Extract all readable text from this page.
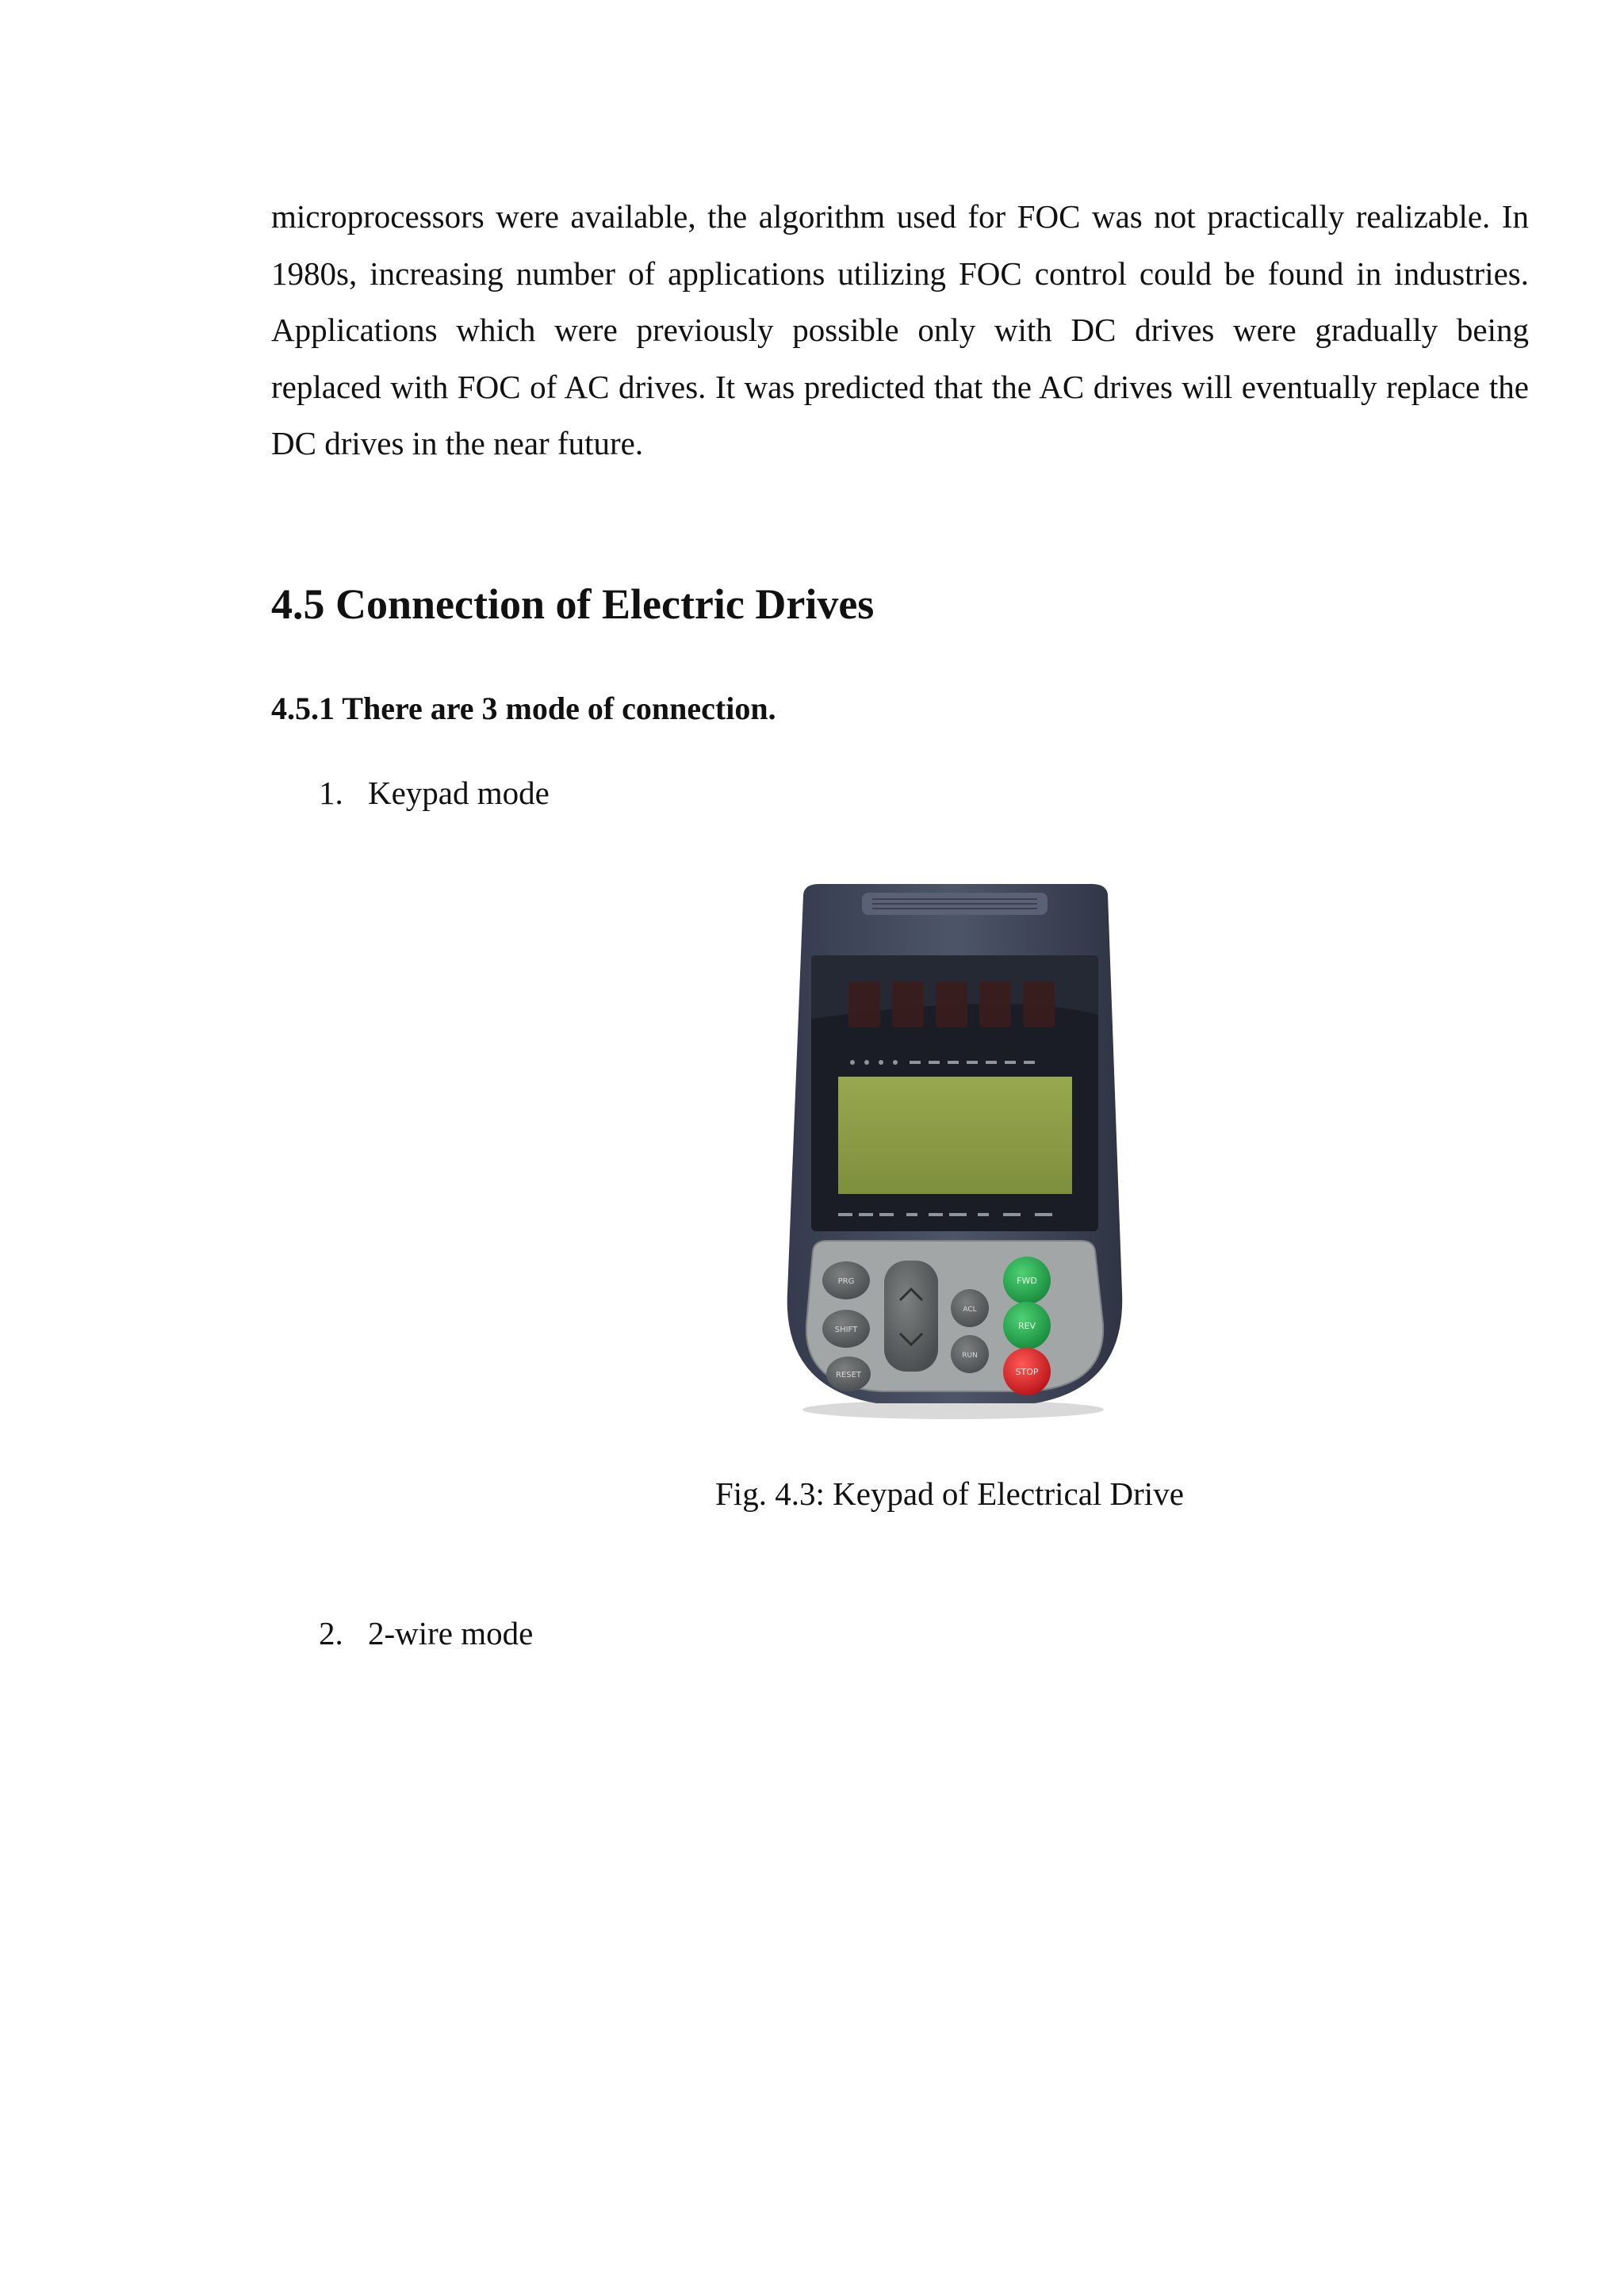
microprocessors were available, the algorithm used for FOC was not practically realizable. In 1980s, increasing number of applications utilizing FOC control could be found in industries. Applications which were previously possible only with DC drives were gradually being replaced with FOC of AC drives. It was predicted that the AC drives will eventually replace the DC drives in the near future.

4.5 Connection of Electric Drives
4.5.1 There are 3 mode of connection.

1. Keypad mode

PRG
SHIFT
RESET
ACL
RUN
FWD
REV
STOP

Fig. 4.3: Keypad of Electrical Drive

2. 2-wire mode
